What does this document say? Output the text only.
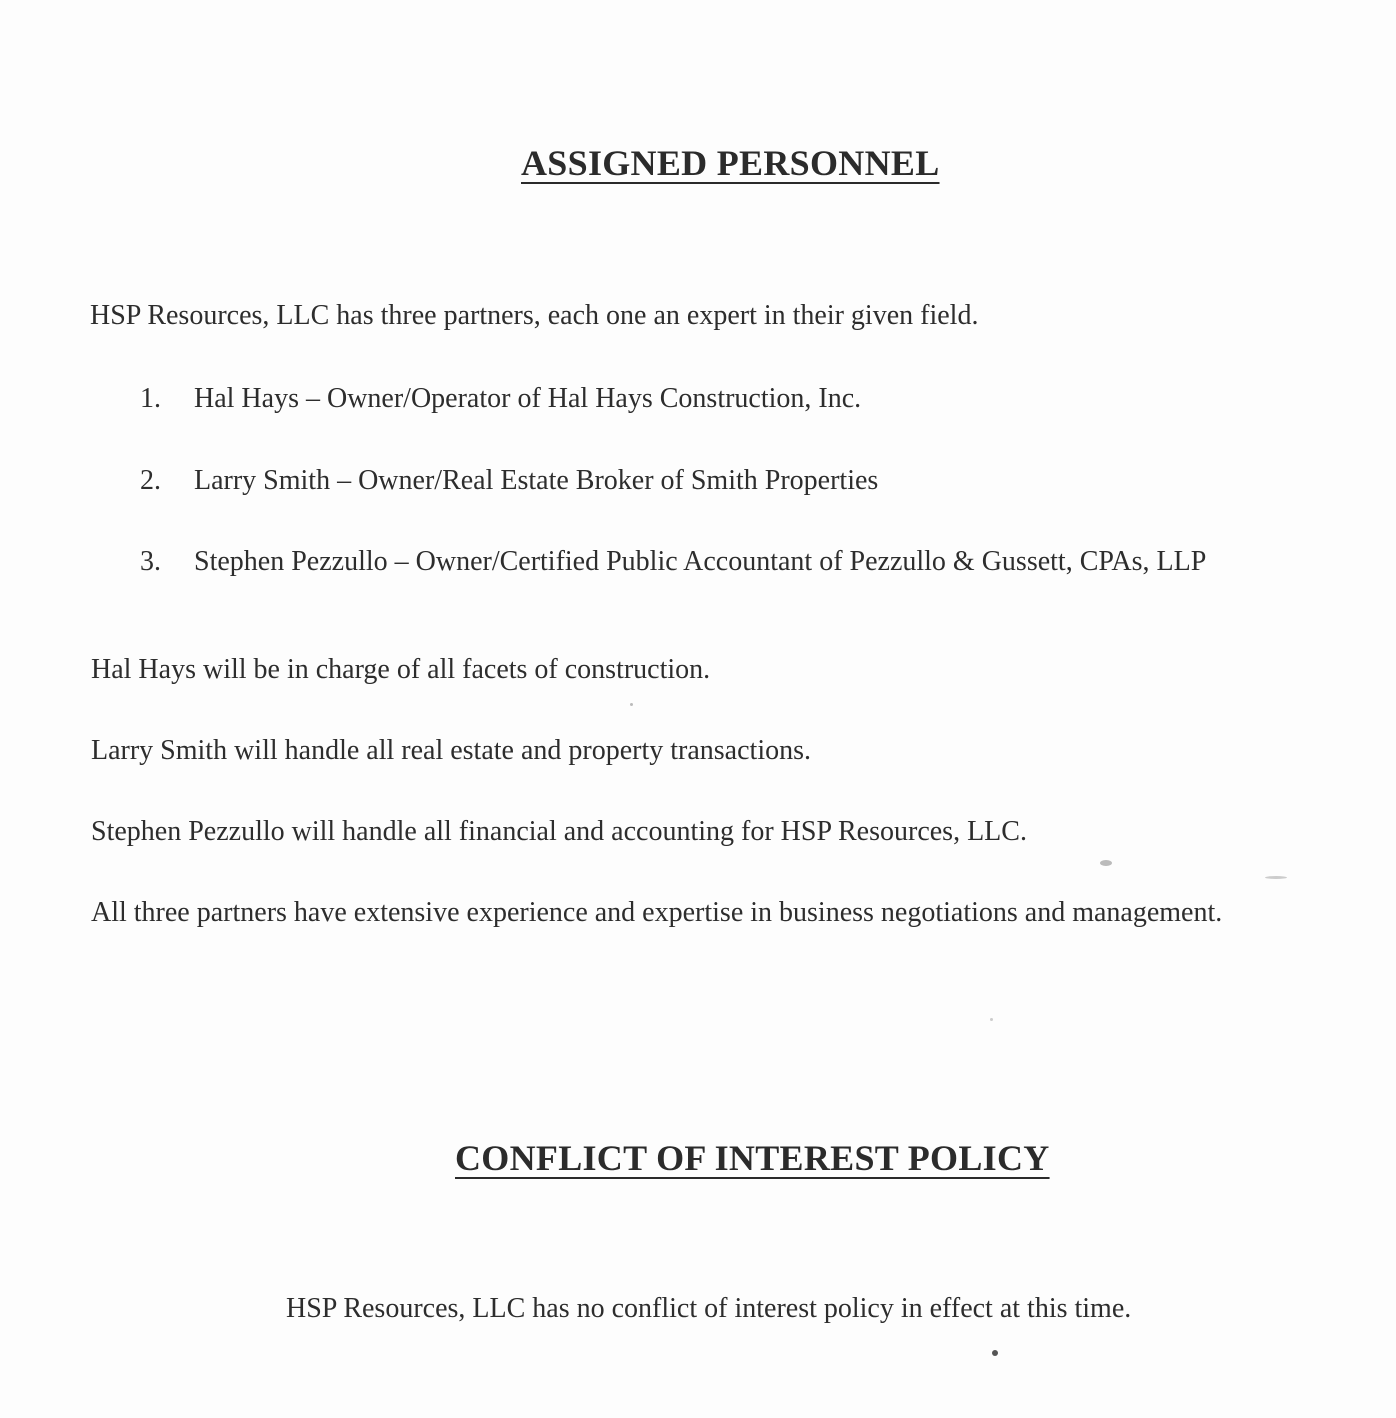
ASSIGNED PERSONNEL

HSP Resources, LLC has three partners, each one an expert in their given field.

1. Hal Hays – Owner/Operator of Hal Hays Construction, Inc.
2. Larry Smith – Owner/Real Estate Broker of Smith Properties
3. Stephen Pezzullo – Owner/Certified Public Accountant of Pezzullo & Gussett, CPAs, LLP

Hal Hays will be in charge of all facets of construction.

Larry Smith will handle all real estate and property transactions.

Stephen Pezzullo will handle all financial and accounting for HSP Resources, LLC.

All three partners have extensive experience and expertise in business negotiations and management.

CONFLICT OF INTEREST POLICY

HSP Resources, LLC has no conflict of interest policy in effect at this time.
